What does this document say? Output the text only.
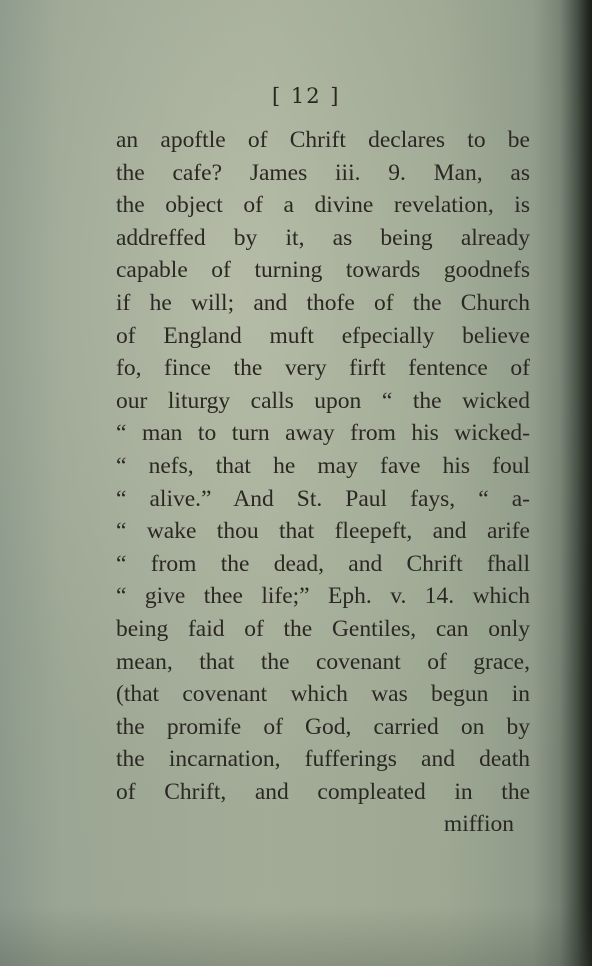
[ 12 ]
an apoftle of Chrift declares to be
the cafe? James iii. 9. Man, as
the object of a divine revelation, is
addreffed by it, as being already
capable of turning towards goodnefs
if he will; and thofe of the Church
of England muft efpecially believe
fo, fince the very firft fentence of
our liturgy calls upon “ the wicked
“ man to turn away from his wicked-
“ nefs, that he may fave his foul
“ alive.” And St. Paul fays, “ a-
“ wake thou that fleepeft, and arife
“ from the dead, and Chrift fhall
“ give thee life;” Eph. v. 14. which
being faid of the Gentiles, can only
mean, that the covenant of grace,
(that covenant which was begun in
the promife of God, carried on by
the incarnation, fufferings and death
of Chrift, and compleated in the
miffion
